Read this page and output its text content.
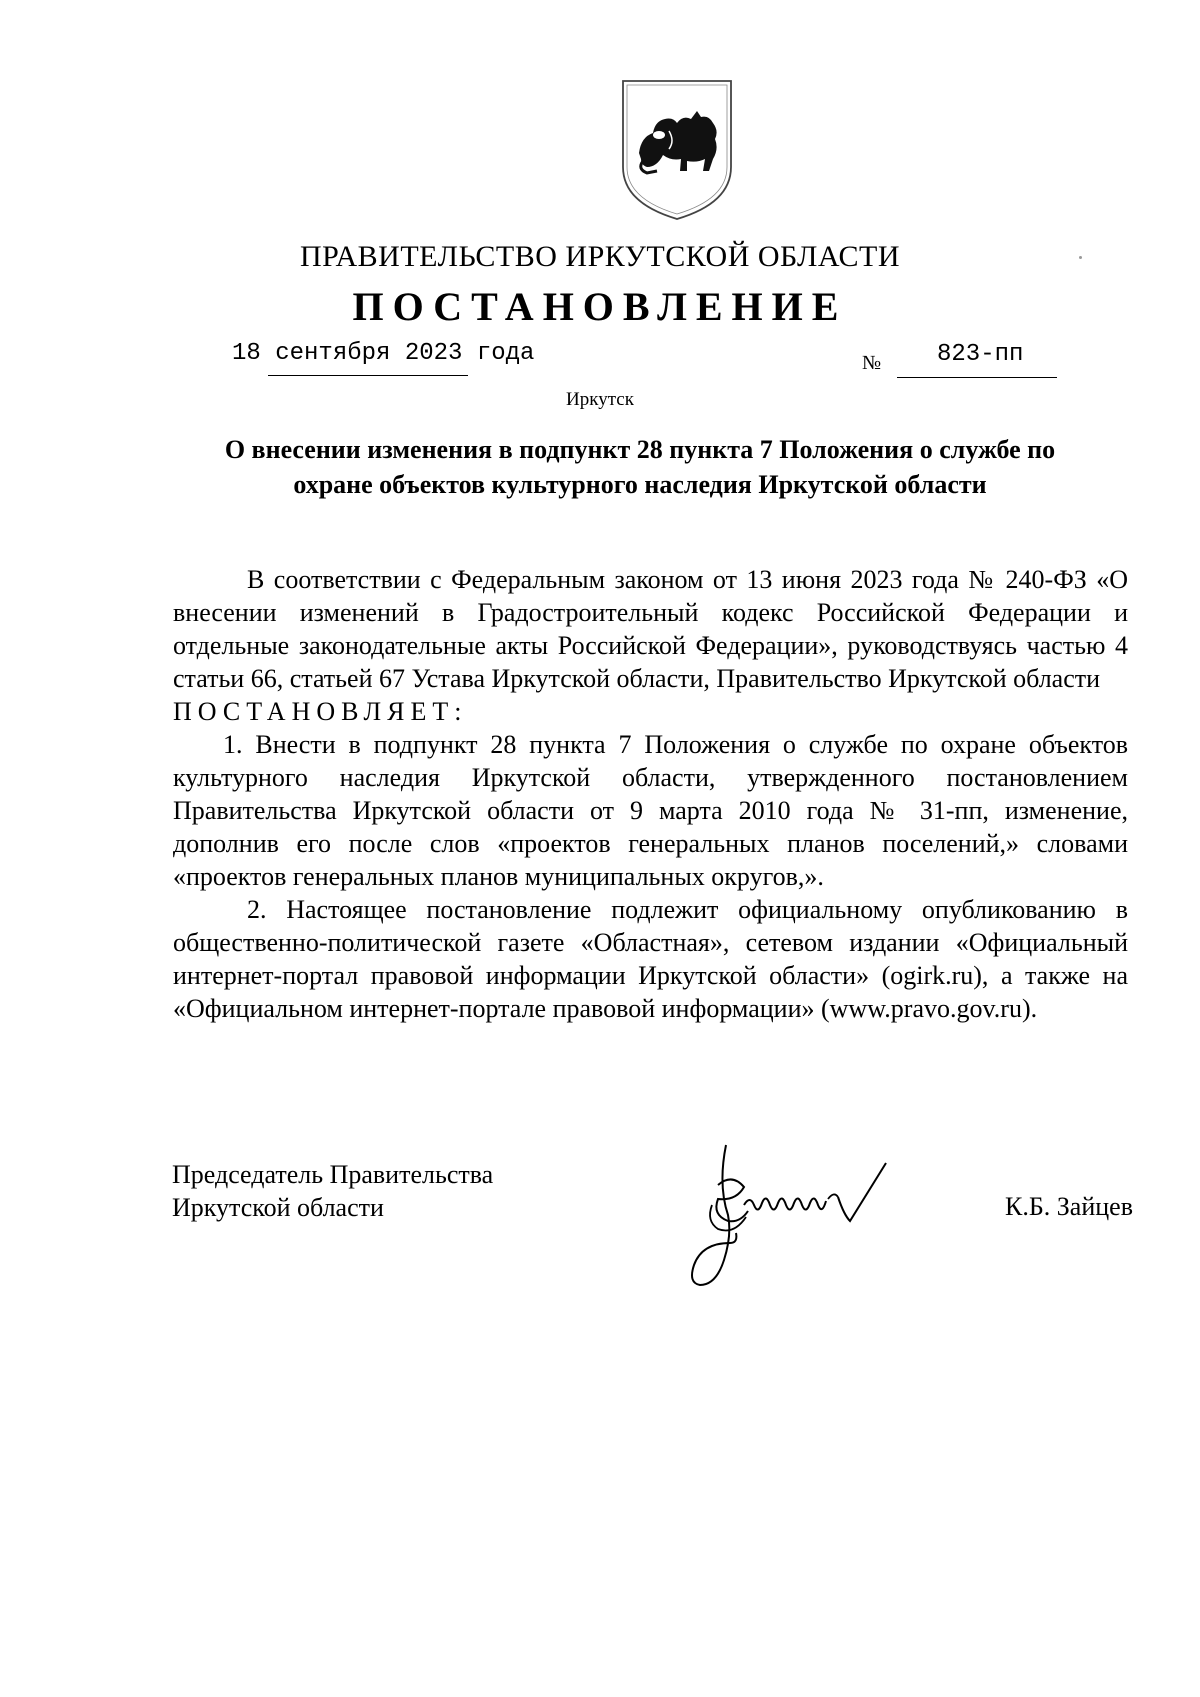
ПРАВИТЕЛЬСТВО ИРКУТСКОЙ ОБЛАСТИ
ПОСТАНОВЛЕНИЕ
18 сентября 2023 года	№ 823-пп
Иркутск
О внесении изменения в подпункт 28 пункта 7 Положения о службе по
охране объектов культурного наследия Иркутской области

В соответствии с Федеральным законом от 13 июня 2023 года № 240-ФЗ «О внесении изменений в Градостроительный кодекс Российской Федерации и отдельные законодательные акты Российской Федерации», руководствуясь частью 4 статьи 66, статьей 67 Устава Иркутской области, Правительство Иркутской области

ПОСТАНОВЛЯЕТ:

1. Внести в подпункт 28 пункта 7 Положения о службе по охране объектов культурного наследия Иркутской области, утвержденного постановлением Правительства Иркутской области от 9 марта 2010 года № 31-пп, изменение, дополнив его после слов «проектов генеральных планов поселений,» словами «проектов генеральных планов муниципальных округов,».

2. Настоящее постановление подлежит официальному опубликованию в общественно-политической газете «Областная», сетевом издании «Официальный интернет-портал правовой информации Иркутской области» (ogirk.ru), а также на «Официальном интернет-портале правовой информации» (www.pravo.gov.ru).

Председатель Правительства
Иркутской области	К.Б. Зайцев
